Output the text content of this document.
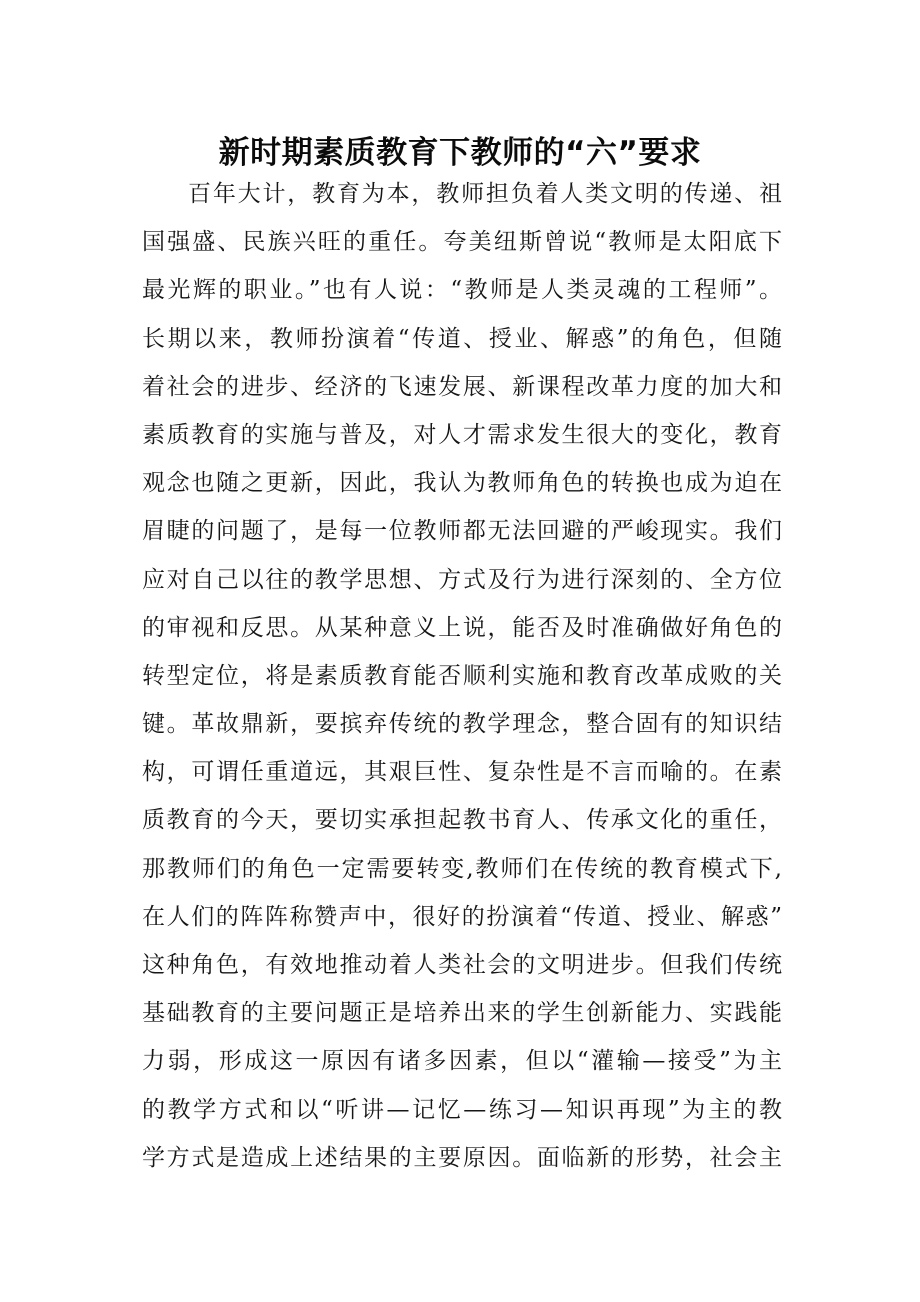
新时期素质教育下教师的“六”要求
百年大计，教育为本，教师担负着人类文明的传递、祖
国强盛、民族兴旺的重任。夸美纽斯曾说“教师是太阳底下
最光辉的职业。”也有人说：“教师是人类灵魂的工程师”。
长期以来，教师扮演着“传道、授业、解惑”的角色，但随
着社会的进步、经济的飞速发展、新课程改革力度的加大和
素质教育的实施与普及，对人才需求发生很大的变化，教育
观念也随之更新，因此，我认为教师角色的转换也成为迫在
眉睫的问题了，是每一位教师都无法回避的严峻现实。我们
应对自己以往的教学思想、方式及行为进行深刻的、全方位
的审视和反思。从某种意义上说，能否及时准确做好角色的
转型定位，将是素质教育能否顺利实施和教育改革成败的关
键。革故鼎新，要摈弃传统的教学理念，整合固有的知识结
构，可谓任重道远，其艰巨性、复杂性是不言而喻的。在素
质教育的今天，要切实承担起教书育人、传承文化的重任，
那教师们的角色一定需要转变,教师们在传统的教育模式下,
在人们的阵阵称赞声中，很好的扮演着“传道、授业、解惑”
这种角色，有效地推动着人类社会的文明进步。但我们传统
基础教育的主要问题正是培养出来的学生创新能力、实践能
力弱，形成这一原因有诸多因素，但以“灌输—接受”为主
的教学方式和以“听讲—记忆—练习—知识再现”为主的教
学方式是造成上述结果的主要原因。面临新的形势，社会主
